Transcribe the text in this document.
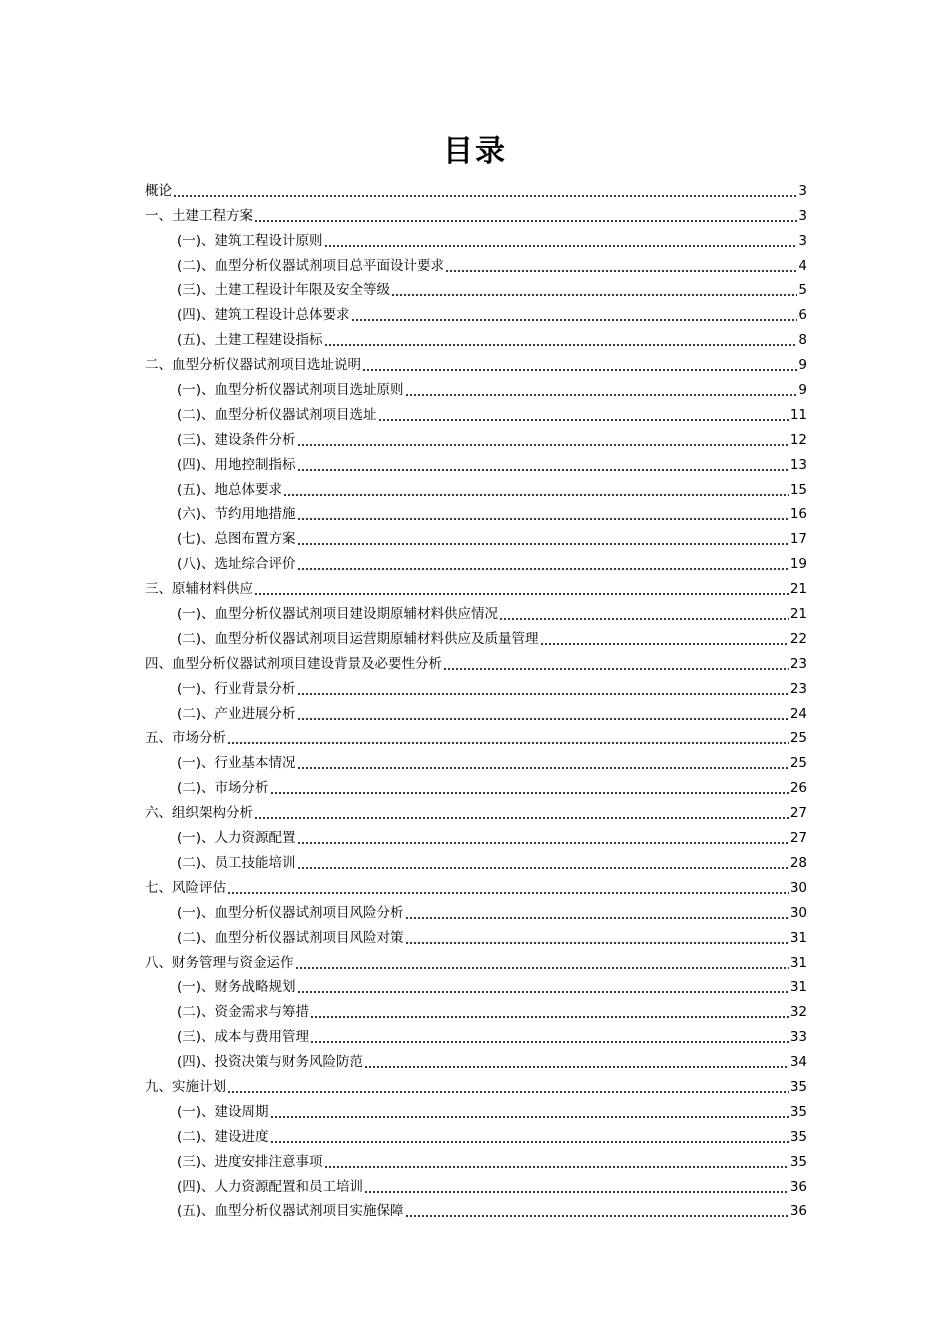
目录
概论	3
一、土建工程方案	3
(一)、建筑工程设计原则	3
(二)、血型分析仪器试剂项目总平面设计要求	4
(三)、土建工程设计年限及安全等级	5
(四)、建筑工程设计总体要求	6
(五)、土建工程建设指标	8
二、血型分析仪器试剂项目选址说明	9
(一)、血型分析仪器试剂项目选址原则	9
(二)、血型分析仪器试剂项目选址	11
(三)、建设条件分析	12
(四)、用地控制指标	13
(五)、地总体要求	15
(六)、节约用地措施	16
(七)、总图布置方案	17
(八)、选址综合评价	19
三、原辅材料供应	21
(一)、血型分析仪器试剂项目建设期原辅材料供应情况	21
(二)、血型分析仪器试剂项目运营期原辅材料供应及质量管理	22
四、血型分析仪器试剂项目建设背景及必要性分析	23
(一)、行业背景分析	23
(二)、产业进展分析	24
五、市场分析	25
(一)、行业基本情况	25
(二)、市场分析	26
六、组织架构分析	27
(一)、人力资源配置	27
(二)、员工技能培训	28
七、风险评估	30
(一)、血型分析仪器试剂项目风险分析	30
(二)、血型分析仪器试剂项目风险对策	31
八、财务管理与资金运作	31
(一)、财务战略规划	31
(二)、资金需求与筹措	32
(三)、成本与费用管理	33
(四)、投资决策与财务风险防范	34
九、实施计划	35
(一)、建设周期	35
(二)、建设进度	35
(三)、进度安排注意事项	35
(四)、人力资源配置和员工培训	36
(五)、血型分析仪器试剂项目实施保障	36
